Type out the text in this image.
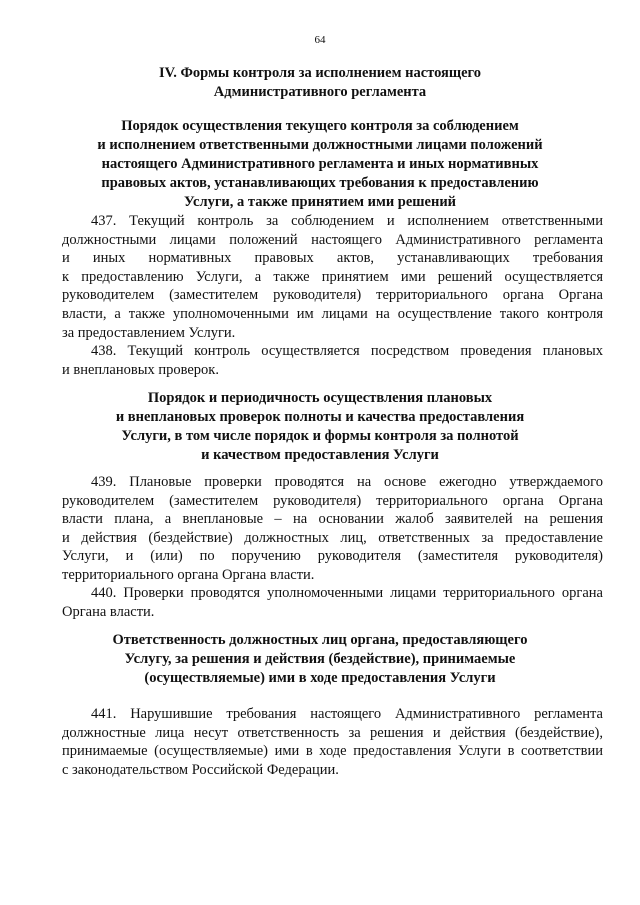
64
IV. Формы контроля за исполнением настоящего
Административного регламента
Порядок осуществления текущего контроля за соблюдением
и исполнением ответственными должностными лицами положений
настоящего Административного регламента и иных нормативных
правовых актов, устанавливающих требования к предоставлению
Услуги, а также принятием ими решений
437. Текущий контроль за соблюдением и исполнением ответственными
должностными лицами положений настоящего Административного регламента
и иных нормативных правовых актов, устанавливающих требования
к предоставлению Услуги, а также принятием ими решений осуществляется
руководителем (заместителем руководителя) территориального органа Органа
власти, а также уполномоченными им лицами на осуществление такого контроля
за предоставлением Услуги.
438. Текущий контроль осуществляется посредством проведения плановых
и внеплановых проверок.
Порядок и периодичность осуществления плановых
и внеплановых проверок полноты и качества предоставления
Услуги, в том числе порядок и формы контроля за полнотой
и качеством предоставления Услуги
439. Плановые проверки проводятся на основе ежегодно утверждаемого
руководителем (заместителем руководителя) территориального органа Органа
власти плана, а внеплановые – на основании жалоб заявителей на решения
и действия (бездействие) должностных лиц, ответственных за предоставление
Услуги, и (или) по поручению руководителя (заместителя руководителя)
территориального органа Органа власти.
440. Проверки проводятся уполномоченными лицами территориального органа
Органа власти.
Ответственность должностных лиц органа, предоставляющего
Услугу, за решения и действия (бездействие), принимаемые
(осуществляемые) ими в ходе предоставления Услуги
441. Нарушившие требования настоящего Административного регламента
должностные лица несут ответственность за решения и действия (бездействие),
принимаемые (осуществляемые) ими в ходе предоставления Услуги в соответствии
с законодательством Российской Федерации.
